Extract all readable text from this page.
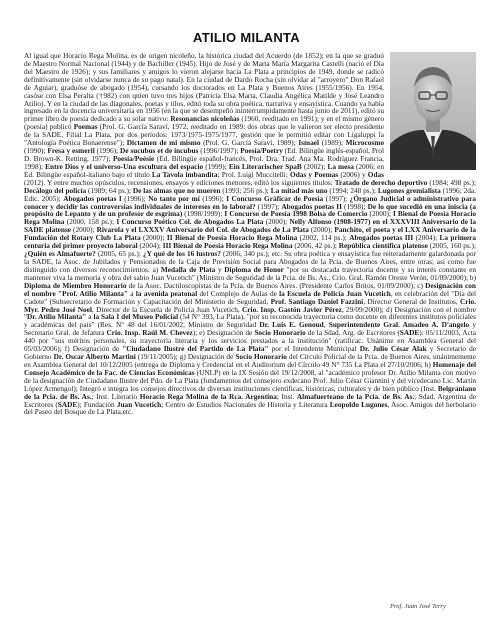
ATILIO MILANTA
Al igual que Horacio Rega Molina, es de origen nicoleño, la histórica ciudad del Acuerdo (de 1852); en la que se graduó de Maestro Normal Nacional (1944) y de Bachiller (1945). Hijo de José y de Marta María Margarita Castelli (nació el Día del Maestro de 1926); y sus familiares y amigos lo vieron alejarse hacia La Plata a principios de 1949, donde se radicó definitivamente (sin olvidarse nunca de su pago natal). En la ciudad de Dardo Rocha (sin olvidar al "arroyero" Don Rafael de Aguiar), graduóse de abogado (1954), cursando los doctorados en La Plata y Buenos Aires (1955/1956). En 1954, casóse con Elsa Peralta (†982) con quien tuvo tres hijos (Patricia Elsa Marta, Claudia Angélica Matilde y José Leandro Atilio). Y en la ciudad de las diagonales, poetas y tilos, editó toda su obra poética, narrativa y ensayística. Cuando ya había ingresado en la docencia universitaria en 1956 (en la que se desempeñó ininterrumpidamente hasta junio de 2011), editó su primer libro de poesía dedicado a su solar nativo: Resonancias nicoleñas (1960, reeditado en 1991); y en el mismo género (poesía) publicó Poemas (Prol. G. García Saraví, 1972, reeditado en 1989: dos obras que le valieron ser electo presidente de la SADE, Filial La Plata, por dos períodos: 1973/1975-1975/1977, gestión que le permitió editar con Ligaluppi la "Antología Poética Bonaerense"); Dictamen de mi mismo (Prol. G. García Saraví, 1989); Ismael (1989); Microcosmo (1990); Fresa y esmeril (1996); De sucubus et de incubus (1996/1997); Poesía/Poetry (Ed. Bilingüe inglés-español, Prol D. Brown-K. Retting, 1977); Poesía/Poésie (Ed. Bilingüe español-francés, Prol. Dra. Trad. Ana Ma. Rodríguez Francia, 1998); Entre Dios y el universo-Una escultura del espacio (1999); Ein Literarischer SpaB (2002); La mesa (2006; en Ed. Bilingüe español-italiano bajo el título La Tavola imbandita; Prol. Luigi Muccitelli; Odas y Poemas (2006) y Odas (2012). Y entre muchos opúsculos, recensiones, ensayos y ediciones menores, editó los siguientes títulos: Tratado de derecho deportivo (1984; 498 ps.); Decálogo del policía (1989; 64 ps.); De las almas que no mueren (1993; 256 ps.); La mitad más uno (1994; 248 ps.); Lugones gremialista (1996; 2da. Edic. 2005); Abogados poetas I (1996); No tanto por mí (1996); I Concurso Gráficar de Poesía (1997); ¿Órgano Judicial o administrativo para conocer y decidir las controversias individuales de intereses en lo laboral? (1997); Abogados poetas II (1998); De lo que sucedió en una iniscia (a propósito de Lepanto y de un profesor de esgrima) (1998/1999); I Concurso de Poesía 1998 Bolsa de Comercio (2000); I Bienal de Poesía Horacio Rega Molina (2000, 158 ps.); I Concurso Poético Col. de Abogados La Plata (2000); Nelly Alfonso (1908-1977) en el XXXVIII Aniversario de la SADE platense (2000); Rivarola y el LXXXV Aniversario del Col. de Abogados de La Plata (2000); Panchito, el poeta y el LXX Aniversario de la Fundación del Rotary Club La Plata (2000); II Bienal de Poesía Horacio Rega Molina (2002, 114 ps.); Abogados poetas III (2004); La primera centuria del primer proyecto laboral (2004); III Bienal de Poesía Horacio Rega Molina (2006, 42 ps.); República científica platense (2005, 160 ps.); ¿Quién es Almafuerte? (2005, 65 ps.); ¿Y qué de los 16 lustros? (2006, 340 ps.); etc. Su obra poética y ensayística fue reiteradamente galardonada por la SADE, la Asoc. de Jubilados y Pensionados de la Caja de Previsión Social para Abogados de la Pcia. de Buenos Aires, entre otras; así como fue distinguido con diversos reconocimientos: a) Medalla de Plata y Diploma de Honor "por su destacada trayectoria docente y su interés constante en mantener viva la memoria y obra del sabio Juan Vucetich" (Ministro de Seguridad de la Pcia. de Bs. As., Crio. Gral. Ramón Oreste Verón, 01/09/2000); b) Diploma de Miembro Honorario de la Asoc. Dactiloscopistas de la Pcia. de Buenos Aires. (Presidente Carlos Britos, 01/09/2000); c) Designación con el nombre "Prof. Atilio Milanta" a la avenida peatonal del Complejo de Aulas de la Escuela de Policía Juan Vucetich, en celebración del "Día del Cadete" (Subsecretario de Formación y Capacitación del Ministerio de Seguridad, Prof. Santiago Daniel Fazzini, Director General de Institutos, Crio. Myr. Pedro José Noel, Director de la Escuela de Policía Juan Vucetich, Crio. Insp. Gastón Javier Pérez, 29/09/2000); d) Designación con el nombre "Dr. Atilio Milanta" a la Sala I del Museo Policial (54 N° 393, La Plata), "por su reconocida trayectoria como docente en diferentes institutos policiales y académicas del país" (Res. N° 48 del 16/01/2002, Ministro de Seguridad Dr. Luis E. Genoud, Superintendente Gral. Amadeo A. D'angelo y Secretario Gral. de Jefatura Crio. Insp. Raúl M. Chevez); e) Designación de Socio Honorario de la Sdad. Arg. de Escritores (SADE): 05/11/2003, Acta 440 por "sus méritos personales, su trayectoria literaria y los servicios prestados a la institución" (ratificac. Unánime en Asamblea General del 05/03/2006); f) Designación de "Ciudadano Ilustre del Partido de La Plata" por el Intendente Municipal Dr. Julio César Alak y Secretario de Gobierno Dr. Oscar Alberto Martini (19/11/2005); g) Designación de Socio Honorario del Círculo Policial de la Pcia. de Buenos Aires, unánimemente en Asamblea General del 10/12/2005 (entrega de Diploma y Credencial en el Auditorium del Círculo 49 N° 735 La Plata el 27/10/2006; h) Homenaje del Consejo Académico de la Fac. de Ciencias Económicas (UNLP) en la IX Sesión del 19/12/2008, al "académico profesor Dr. Atilio Milanta con motivo de la designación de Ciudadano Ilustre del Pdo. de La Plata (fundamentos del consejero exdecano Prof. Julio César Giannini y del vicedecano Lic. Martín López Armengol); Integró e integra los consejos directivos de diversas instituciones científicas, históricas, culturales y de bien público (Inst. Belgraniano de la Pcia. de Bs. As.; Inst. Literario Horacio Rega Molina de la Rca. Argentina; Inst. Almafuerteano de la Pcia. de Bs. As.; Sdad. Argentina de Escritores (SADE); Fundación Juan Vucetich; Centro de Estudios Nacionales de Historia y Literatura Leopoldo Lugones, Asoc. Amigos del herbolario del Paseo del Bosque de La Plata,etc.
Prof. Juan José Terry
